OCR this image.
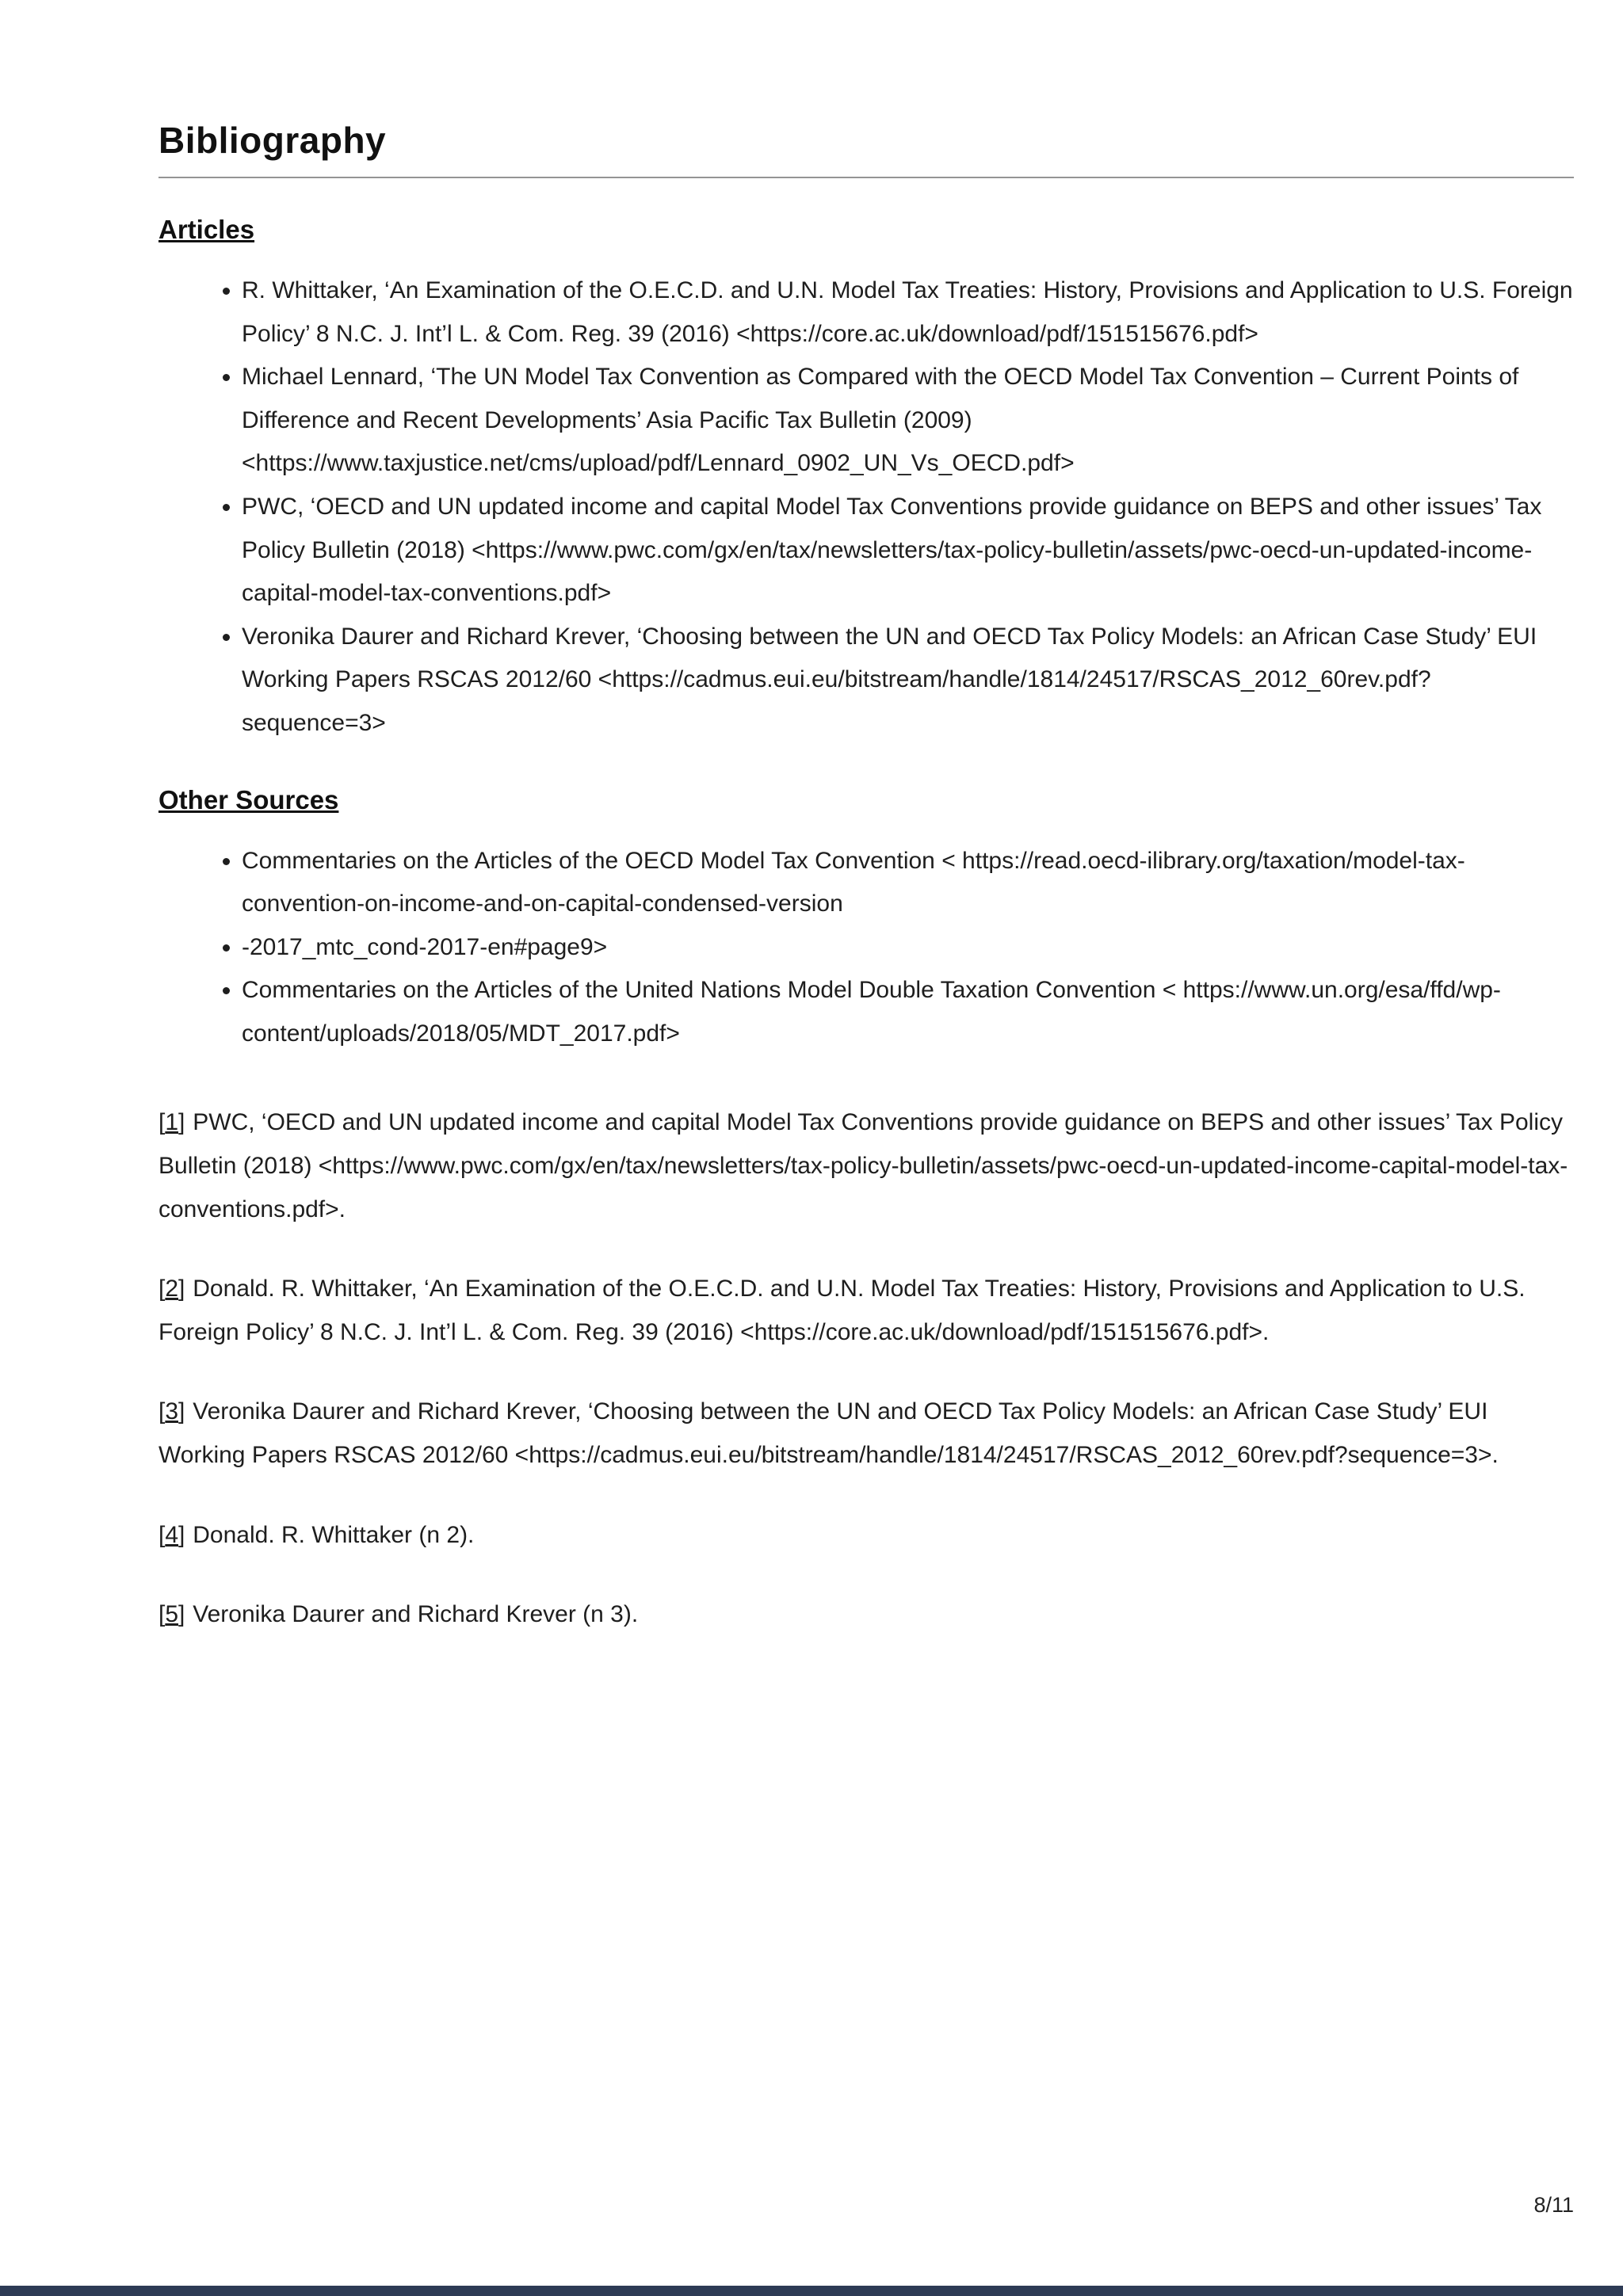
Bibliography
Articles
• R. Whittaker, ‘An Examination of the O.E.C.D. and U.N. Model Tax Treaties: History, Provisions and Application to U.S. Foreign Policy’ 8 N.C. J. Int’l L. & Com. Reg. 39 (2016) <https://core.ac.uk/download/pdf/151515676.pdf>
• Michael Lennard, ‘The UN Model Tax Convention as Compared with the OECD Model Tax Convention – Current Points of Difference and Recent Developments’ Asia Pacific Tax Bulletin (2009) <https://www.taxjustice.net/cms/upload/pdf/Lennard_0902_UN_Vs_OECD.pdf>
• PWC, ‘OECD and UN updated income and capital Model Tax Conventions provide guidance on BEPS and other issues’ Tax Policy Bulletin (2018) <https://www.pwc.com/gx/en/tax/newsletters/tax-policy-bulletin/assets/pwc-oecd-un-updated-income-capital-model-tax-conventions.pdf>
• Veronika Daurer and Richard Krever, ‘Choosing between the UN and OECD Tax Policy Models: an African Case Study’ EUI Working Papers RSCAS 2012/60 <https://cadmus.eui.eu/bitstream/handle/1814/24517/RSCAS_2012_60rev.pdf?sequence=3>
Other Sources
• Commentaries on the Articles of the OECD Model Tax Convention < https://read.oecd-ilibrary.org/taxation/model-tax-convention-on-income-and-on-capital-condensed-version
• -2017_mtc_cond-2017-en#page9>
• Commentaries on the Articles of the United Nations Model Double Taxation Convention < https://www.un.org/esa/ffd/wp-content/uploads/2018/05/MDT_2017.pdf>

[1] PWC, ‘OECD and UN updated income and capital Model Tax Conventions provide guidance on BEPS and other issues’ Tax Policy Bulletin (2018) <https://www.pwc.com/gx/en/tax/newsletters/tax-policy-bulletin/assets/pwc-oecd-un-updated-income-capital-model-tax-conventions.pdf>.

[2] Donald. R. Whittaker, ‘An Examination of the O.E.C.D. and U.N. Model Tax Treaties: History, Provisions and Application to U.S. Foreign Policy’ 8 N.C. J. Int’l L. & Com. Reg. 39 (2016) <https://core.ac.uk/download/pdf/151515676.pdf>.

[3] Veronika Daurer and Richard Krever, ‘Choosing between the UN and OECD Tax Policy Models: an African Case Study’ EUI Working Papers RSCAS 2012/60 <https://cadmus.eui.eu/bitstream/handle/1814/24517/RSCAS_2012_60rev.pdf?sequence=3>.

[4] Donald. R. Whittaker (n 2).

[5] Veronika Daurer and Richard Krever (n 3).

8/11
